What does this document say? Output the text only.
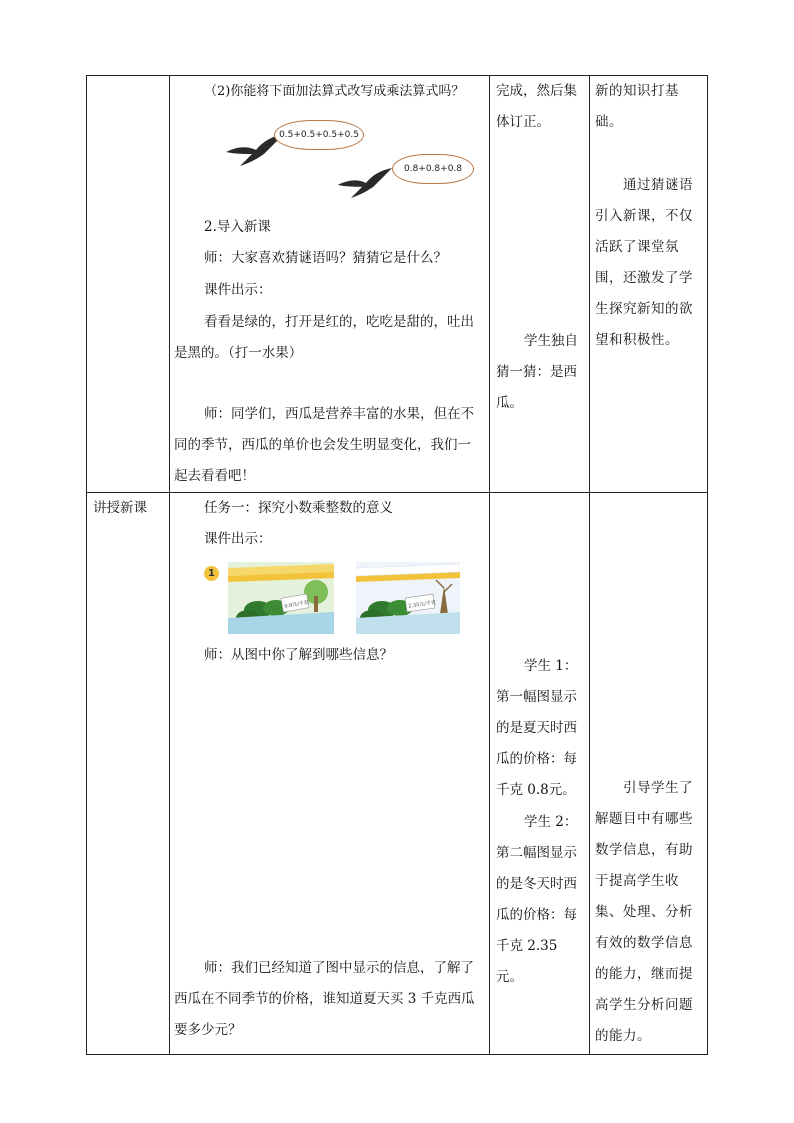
（2)你能将下面加法算式改写成乘法算式吗？
0.5+0.5+0.5+0.5
0.8+0.8+0.8
2.导入新课
师：大家喜欢猜谜语吗？猜猜它是什么？
课件出示：
看看是绿的，打开是红的，吃吃是甜的，吐出是黑的。（打一水果）
师：同学们，西瓜是营养丰富的水果，但在不同的季节，西瓜的单价也会发生明显变化，我们一起去看看吧！
完成，然后集体订正。
学生独自猜一猜：是西瓜。
新的知识打基础。
通过猜谜语引入新课，不仅活跃了课堂氛围，还激发了学生探究新知的欲望和积极性。
讲授新课	任务一：探究小数乘整数的意义
课件出示：
0.8元/千克
1
2.35元/千克
师：从图中你了解到哪些信息？
师：我们已经知道了图中显示的信息，了解了西瓜在不同季节的价格，谁知道夏天买 3 千克西瓜要多少元？
学生 1：第一幅图显示的是夏天时西瓜的价格：每千克 0.8元。
学生 2：第二幅图显示的是冬天时西瓜的价格：每千克 2.35元。
引导学生了解题目中有哪些数学信息，有助于提高学生收集、处理、分析有效的数学信息的能力，继而提高学生分析问题的能力。
